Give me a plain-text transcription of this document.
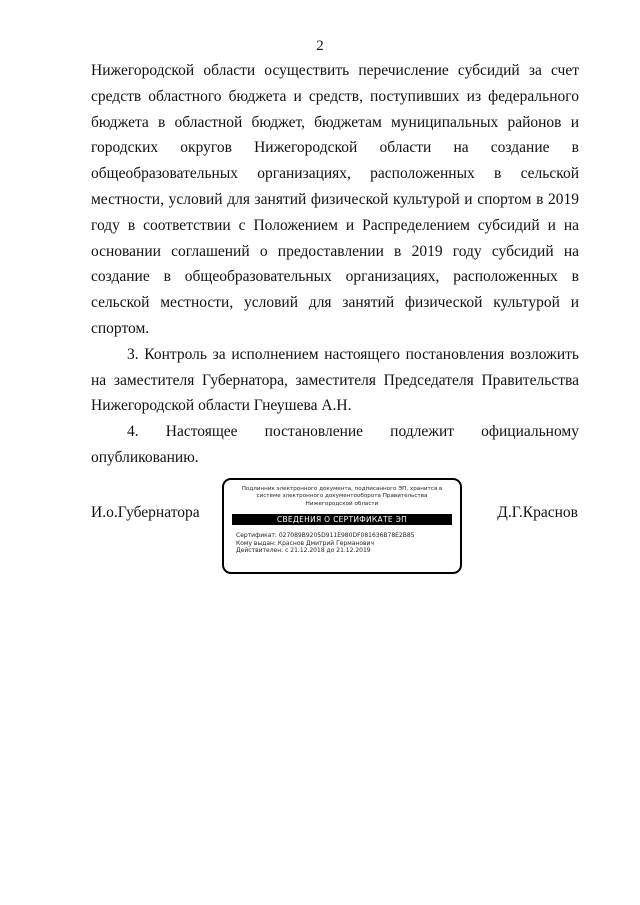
2

Нижегородской области осуществить перечисление субсидий за счет средств областного бюджета и средств, поступивших из федерального бюджета в областной бюджет, бюджетам муниципальных районов и городских округов Нижегородской области на создание в общеобразовательных организациях, расположенных в сельской местности, условий для занятий физической культурой и спортом в 2019 году в соответствии с Положением и Распределением субсидий и на основании соглашений о предоставлении в 2019 году субсидий на создание в общеобразовательных организациях, расположенных в сельской местности, условий для занятий физической культурой и спортом.

3. Контроль за исполнением настоящего постановления возложить на заместителя Губернатора, заместителя Председателя Правительства Нижегородской области Гнеушева А.Н.

4. Настоящее постановление подлежит официальному опубликованию.

И.о.Губернатора
Подлинник электронного документа, подписанного ЭП, хранится в системе электронного документооборота Правительства Нижегородской области
СВЕДЕНИЯ О СЕРТИФИКАТЕ ЭП
Сертификат: 027089B9205D911E980DF081636B78E2B85
Кому выдан: Краснов Дмитрий Германович
Действителен: с 21.12.2018 до 21.12.2019
Д.Г.Краснов
